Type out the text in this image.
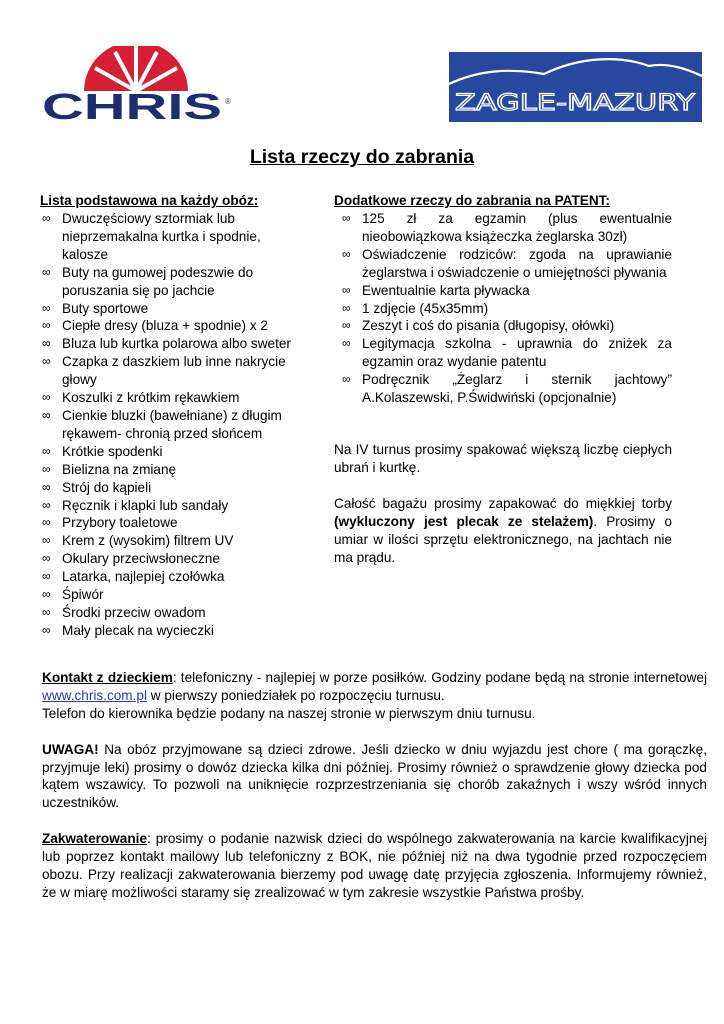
CHRIS ®	ZAGLE-MAZURY
Lista rzeczy do zabrania
Lista podstawowa na każdy obóz:
∞ Dwuczęściowy sztormiak lub nieprzemakalna kurtka i spodnie, kalosze
∞ Buty na gumowej podeszwie do poruszania się po jachcie
∞ Buty sportowe
∞ Ciepłe dresy (bluza + spodnie) x 2
∞ Bluza lub kurtka polarowa albo sweter
∞ Czapka z daszkiem lub inne nakrycie głowy
∞ Koszulki z krótkim rękawkiem
∞ Cienkie bluzki (bawełniane) z długim rękawem- chronią przed słońcem
∞ Krótkie spodenki
∞ Bielizna na zmianę
∞ Strój do kąpieli
∞ Ręcznik i klapki lub sandały
∞ Przybory toaletowe
∞ Krem z (wysokim) filtrem UV
∞ Okulary przeciwsłoneczne
∞ Latarka, najlepiej czołówka
∞ Śpiwór
∞ Środki przeciw owadom
∞ Mały plecak na wycieczki
Dodatkowe rzeczy do zabrania na PATENT:
∞ 125 zł za egzamin (plus ewentualnie nieobowiązkowa książeczka żeglarska 30zł)
∞ Oświadczenie rodziców: zgoda na uprawianie żeglarstwa i oświadczenie o umiejętności pływania
∞ Ewentualnie karta pływacka
∞ 1 zdjęcie (45x35mm)
∞ Zeszyt i coś do pisania (długopisy, ołówki)
∞ Legitymacja szkolna - uprawnia do zniżek za egzamin oraz wydanie patentu
∞ Podręcznik „Żeglarz i sternik jachtowy” A.Kolaszewski, P.Świdwiński (opcjonalnie)
Na IV turnus prosimy spakować większą liczbę ciepłych ubrań i kurtkę.
Całość bagażu prosimy zapakować do miękkiej torby (wykluczony jest plecak ze stelażem). Prosimy o umiar w ilości sprzętu elektronicznego, na jachtach nie ma prądu.

Kontakt z dzieckiem: telefoniczny - najlepiej w porze posiłków. Godziny podane będą na stronie internetowej www.chris.com.pl w pierwszy poniedziałek po rozpoczęciu turnusu.
Telefon do kierownika będzie podany na naszej stronie w pierwszym dniu turnusu.

UWAGA! Na obóz przyjmowane są dzieci zdrowe. Jeśli dziecko w dniu wyjazdu jest chore ( ma gorączkę, przyjmuje leki) prosimy o dowóz dziecka kilka dni później. Prosimy również o sprawdzenie głowy dziecka pod kątem wszawicy. To pozwoli na uniknięcie rozprzestrzeniania się chorób zakaźnych i wszy wśród innych uczestników.

Zakwaterowanie: prosimy o podanie nazwisk dzieci do wspólnego zakwaterowania na karcie kwalifikacyjnej lub poprzez kontakt mailowy lub telefoniczny z BOK, nie później niż na dwa tygodnie przed rozpoczęciem obozu. Przy realizacji zakwaterowania bierzemy pod uwagę datę przyjęcia zgłoszenia. Informujemy również, że w miarę możliwości staramy się zrealizować w tym zakresie wszystkie Państwa prośby.
